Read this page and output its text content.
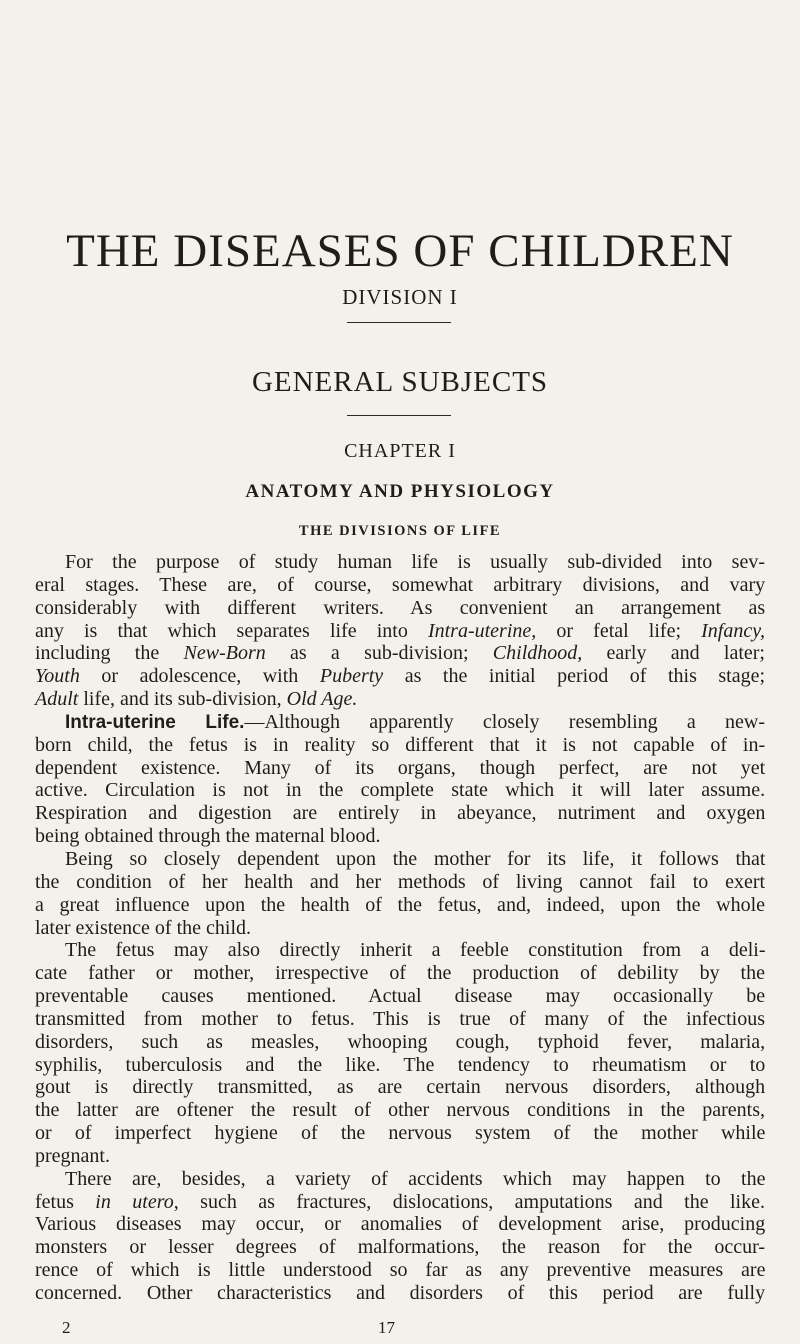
THE DISEASES OF CHILDREN
DIVISION I
GENERAL SUBJECTS
CHAPTER I
ANATOMY AND PHYSIOLOGY
THE DIVISIONS OF LIFE
For the purpose of study human life is usually sub-divided into sev-
eral stages. These are, of course, somewhat arbitrary divisions, and vary
considerably with different writers. As convenient an arrangement as
any is that which separates life into Intra-uterine, or fetal life; Infancy,
including the New-Born as a sub-division; Childhood, early and later;
Youth or adolescence, with Puberty as the initial period of this stage;
Adult life, and its sub-division, Old Age.
Intra-uterine Life.—Although apparently closely resembling a new-
born child, the fetus is in reality so different that it is not capable of in-
dependent existence. Many of its organs, though perfect, are not yet
active. Circulation is not in the complete state which it will later assume.
Respiration and digestion are entirely in abeyance, nutriment and oxygen
being obtained through the maternal blood.
Being so closely dependent upon the mother for its life, it follows that
the condition of her health and her methods of living cannot fail to exert
a great influence upon the health of the fetus, and, indeed, upon the whole
later existence of the child.
The fetus may also directly inherit a feeble constitution from a deli-
cate father or mother, irrespective of the production of debility by the
preventable causes mentioned. Actual disease may occasionally be
transmitted from mother to fetus. This is true of many of the infectious
disorders, such as measles, whooping cough, typhoid fever, malaria,
syphilis, tuberculosis and the like. The tendency to rheumatism or to
gout is directly transmitted, as are certain nervous disorders, although
the latter are oftener the result of other nervous conditions in the parents,
or of imperfect hygiene of the nervous system of the mother while
pregnant.
There are, besides, a variety of accidents which may happen to the
fetus in utero, such as fractures, dislocations, amputations and the like.
Various diseases may occur, or anomalies of development arise, producing
monsters or lesser degrees of malformations, the reason for the occur-
rence of which is little understood so far as any preventive measures are
concerned. Other characteristics and disorders of this period are fully
2	17
